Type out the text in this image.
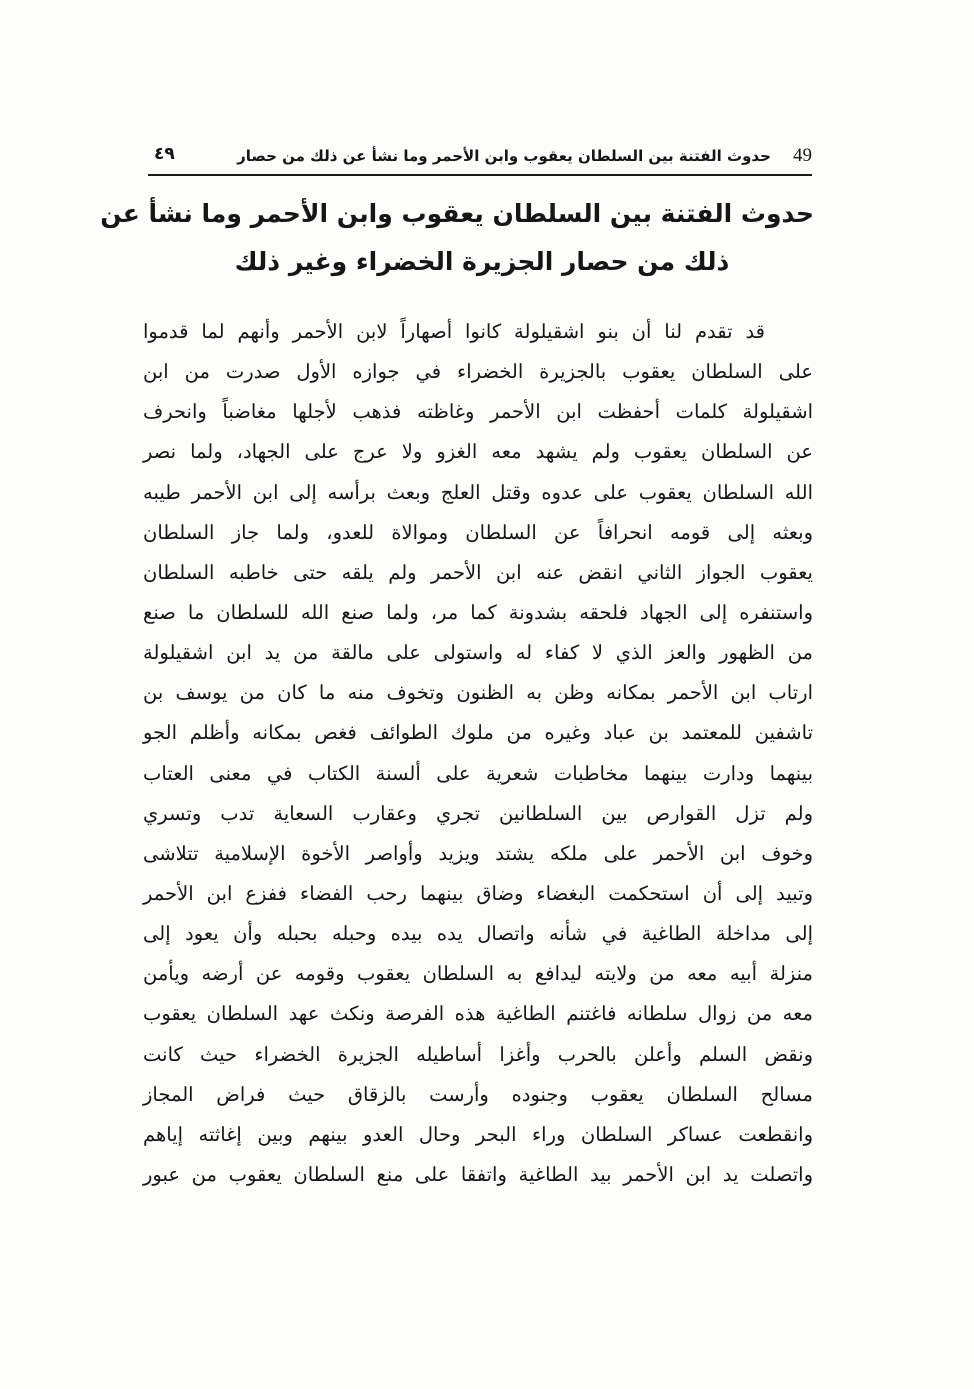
49
حدوث الفتنة بين السلطان يعقوب وابن الأحمر وما نشأ عن ذلك من حصار
٤٩
حدوث الفتنة بين السلطان يعقوب وابن الأحمر وما نشأ عن
ذلك من حصار الجزيرة الخضراء وغير ذلك
قد تقدم لنا أن بنو اشقيلولة كانوا أصهاراً لابن الأحمر وأنهم لما قدموا
على السلطان يعقوب بالجزيرة الخضراء في جوازه الأول صدرت من ابن
اشقيلولة كلمات أحفظت ابن الأحمر وغاظته فذهب لأجلها مغاضباً وانحرف
عن السلطان يعقوب ولم يشهد معه الغزو ولا عرج على الجهاد، ولما نصر
الله السلطان يعقوب على عدوه وقتل العلج وبعث برأسه إلى ابن الأحمر طيبه
وبعثه إلى قومه انحرافاً عن السلطان وموالاة للعدو، ولما جاز السلطان
يعقوب الجواز الثاني انقض عنه ابن الأحمر ولم يلقه حتى خاطبه السلطان
واستنفره إلى الجهاد فلحقه بشدونة كما مر، ولما صنع الله للسلطان ما صنع
من الظهور والعز الذي لا كفاء له واستولى على مالقة من يد ابن اشقيلولة
ارتاب ابن الأحمر بمكانه وظن به الظنون وتخوف منه ما كان من يوسف بن
تاشفين للمعتمد بن عباد وغيره من ملوك الطوائف فغص بمكانه وأظلم الجو
بينهما ودارت بينهما مخاطبات شعرية على ألسنة الكتاب في معنى العتاب
ولم تزل القوارص بين السلطانين تجري وعقارب السعاية تدب وتسري
وخوف ابن الأحمر على ملكه يشتد ويزيد وأواصر الأخوة الإسلامية تتلاشى
وتبيد إلى أن استحكمت البغضاء وضاق بينهما رحب الفضاء ففزع ابن الأحمر
إلى مداخلة الطاغية في شأنه واتصال يده بيده وحبله بحبله وأن يعود إلى
منزلة أبيه معه من ولايته ليدافع به السلطان يعقوب وقومه عن أرضه ويأمن
معه من زوال سلطانه فاغتنم الطاغية هذه الفرصة ونكث عهد السلطان يعقوب
ونقض السلم وأعلن بالحرب وأغزا أساطيله الجزيرة الخضراء حيث كانت
مسالح السلطان يعقوب وجنوده وأرست بالزقاق حيث فراض المجاز
وانقطعت عساكر السلطان وراء البحر وحال العدو بينهم وبين إغاثته إياهم
واتصلت يد ابن الأحمر بيد الطاغية واتفقا على منع السلطان يعقوب من عبور
